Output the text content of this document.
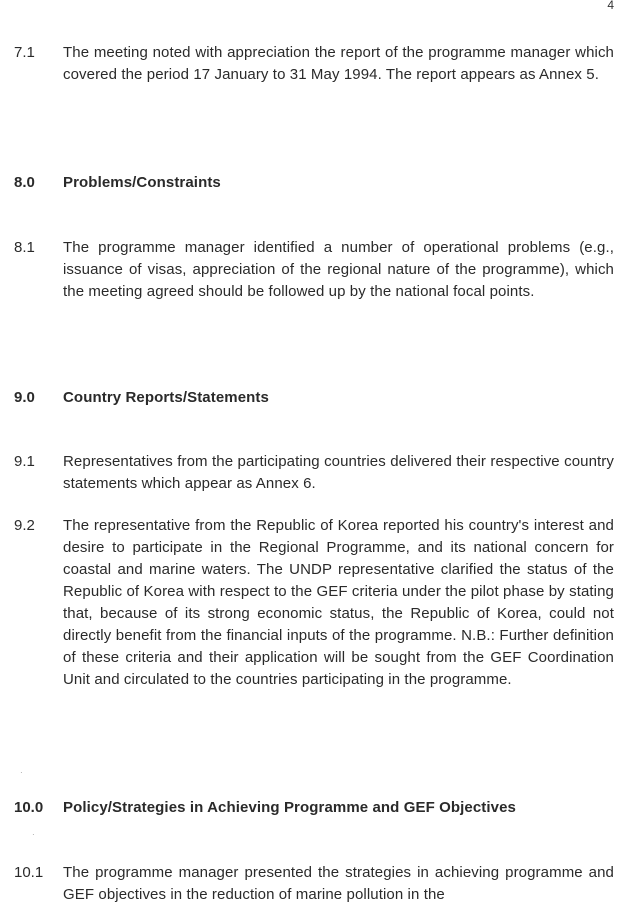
4
7.1 The meeting noted with appreciation the report of the programme manager which covered the period 17 January to 31 May 1994. The report appears as Annex 5.
8.0 Problems/Constraints
8.1 The programme manager identified a number of operational problems (e.g., issuance of visas, appreciation of the regional nature of the programme), which the meeting agreed should be followed up by the national focal points.
9.0 Country Reports/Statements
9.1 Representatives from the participating countries delivered their respective country statements which appear as Annex 6.
9.2 The representative from the Republic of Korea reported his country's interest and desire to participate in the Regional Programme, and its national concern for coastal and marine waters. The UNDP representative clarified the status of the Republic of Korea with respect to the GEF criteria under the pilot phase by stating that, because of its strong economic status, the Republic of Korea, could not directly benefit from the financial inputs of the programme. N.B.: Further definition of these criteria and their application will be sought from the GEF Coordination Unit and circulated to the countries participating in the programme.
·
10.0 Policy/Strategies in Achieving Programme and GEF Objectives
·
10.1 The programme manager presented the strategies in achieving programme and GEF objectives in the reduction of marine pollution in the
